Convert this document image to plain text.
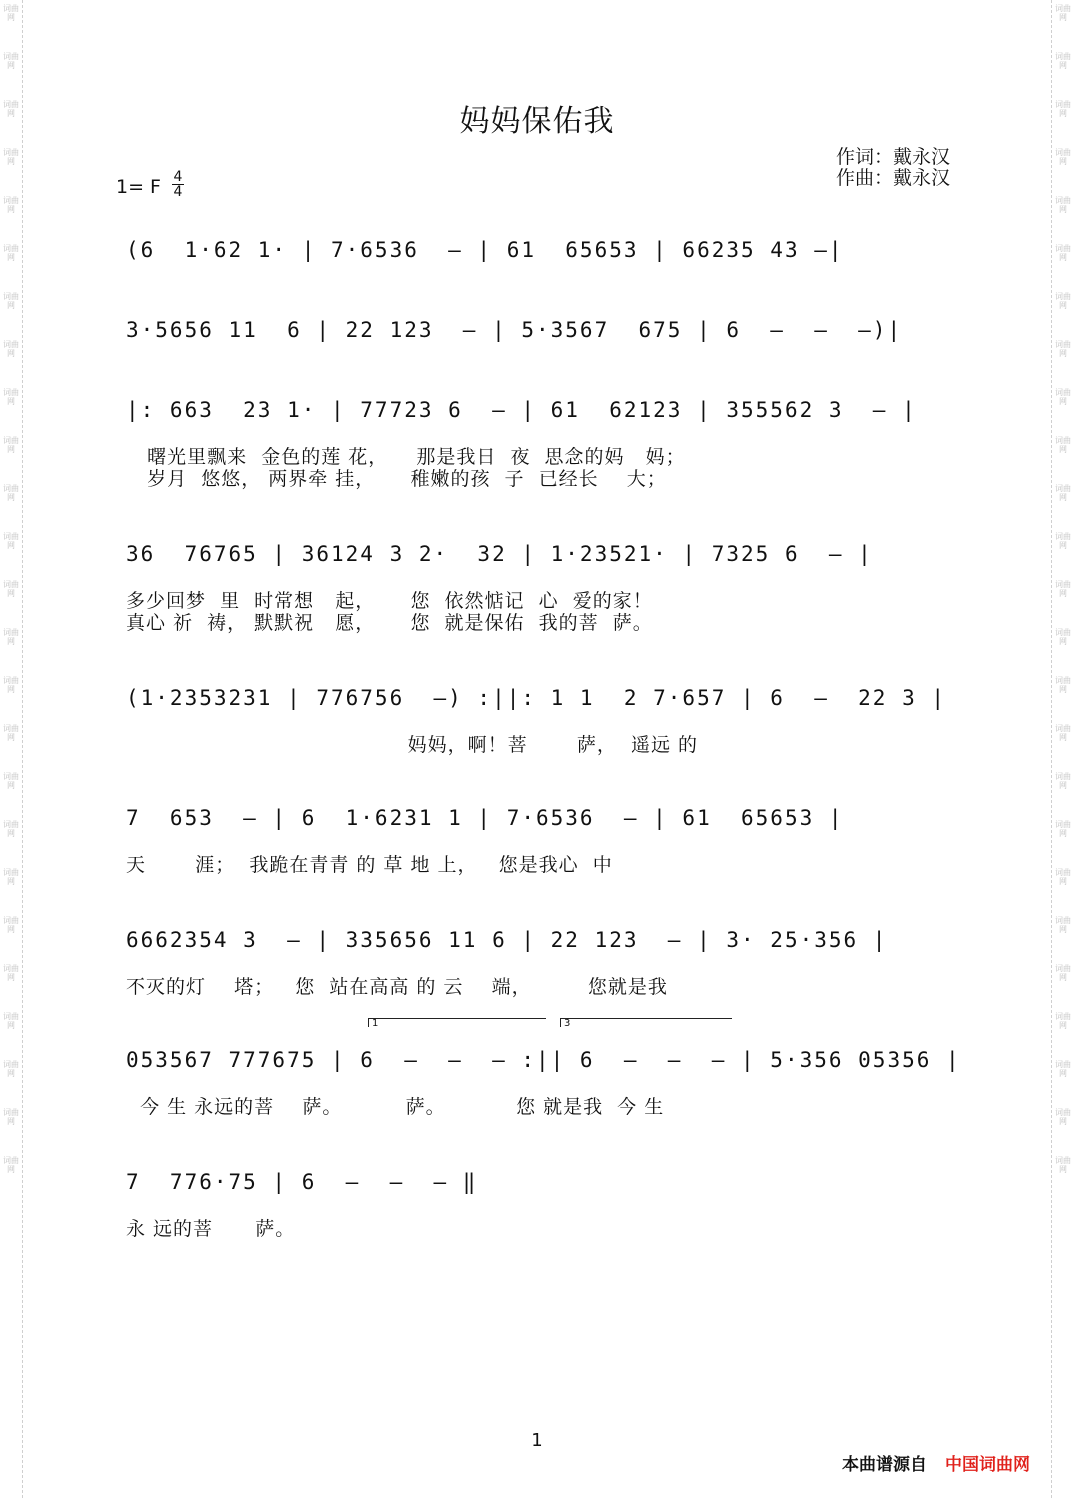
词曲网
词曲网
词曲网
词曲网
词曲网
词曲网
词曲网
词曲网
词曲网
词曲网
词曲网
词曲网
词曲网
词曲网
词曲网
词曲网
词曲网
词曲网
词曲网
词曲网
词曲网
词曲网
词曲网
词曲网
词曲网
词曲网
词曲网
词曲网
词曲网
词曲网
词曲网
词曲网
词曲网
词曲网
词曲网
词曲网
词曲网
词曲网
词曲网
词曲网
词曲网
词曲网
词曲网
词曲网
词曲网
词曲网
词曲网
词曲网
词曲网
词曲网
妈妈保佑我
作词：戴永汉
作曲：戴永汉
1= F 4
4
(6  1·62 1· | 7·6536  — | 61  65653 | 66235 43 —|
3·5656 11  6 | 22 123  — | 5·3567  675 | 6  —  —  —)|
|: 663  23 1· | 77723 6  — | 61  62123 | 355562 3  — |
曙光里飘来  金色的莲 花，    那是我日  夜  思念的妈   妈；
岁月  悠悠， 两界牵 挂，     稚嫩的孩  子  已经长    大；
36  76765 | 36124 3 2·  32 | 1·23521· | 7325 6  — |
多少回梦  里  时常想   起，     您  依然惦记  心  爱的家！
真心 祈  祷， 默默祝   愿，     您  就是保佑  我的菩  萨。
(1·2353231 | 776756  —) :||: 1 1  2 7·657 | 6  —  22 3 |
妈妈，啊！菩       萨，  遥远 的
7  653  — | 6  1·6231 1 | 7·6536  — | 61  65653 |
天       涯；  我跪在青青 的 草 地 上，   您是我心  中
6662354 3  — | 335656 11 6 | 22 123  — | 3· 25·356 |
不灭的灯    塔；   您  站在高高 的 云    端，        您就是我
1	3
053567 777675 | 6  —  —  — :|| 6  —  —  — | 5·356 05356 |
今 生 永远的菩    萨。         萨。          您 就是我  今 生
7  776·75 | 6  —  —  — ‖
永 远的菩      萨。
1
本曲谱源自 中国词曲网
